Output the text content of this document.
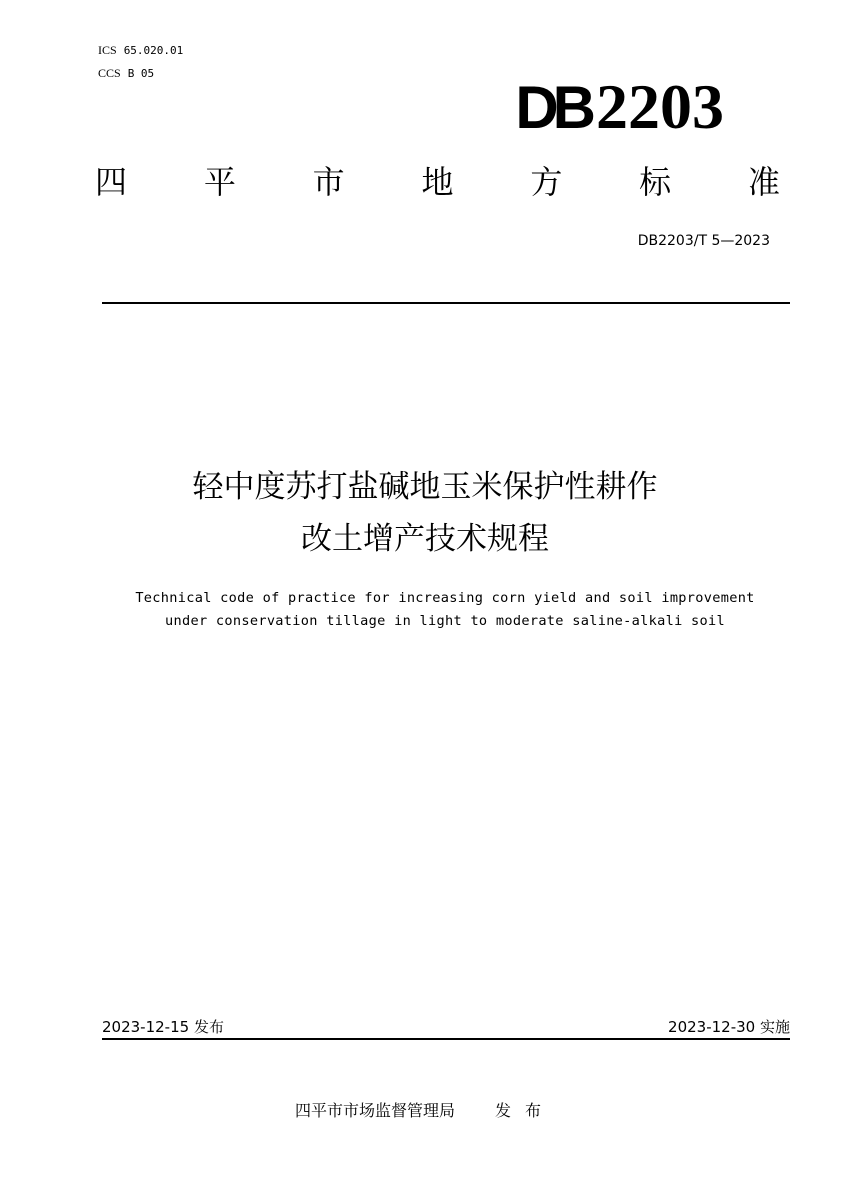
ICS 65.020.01
CCS B 05
DB2203
四 平 市 地 方 标 准
DB2203/T 5—2023
轻中度苏打盐碱地玉米保护性耕作
改土增产技术规程
Technical code of practice for increasing corn yield and soil improvement
under conservation tillage in light to moderate saline-alkali soil
2023-12-15 发布	2023-12-30 实施
四平市市场监督管理局	发布
